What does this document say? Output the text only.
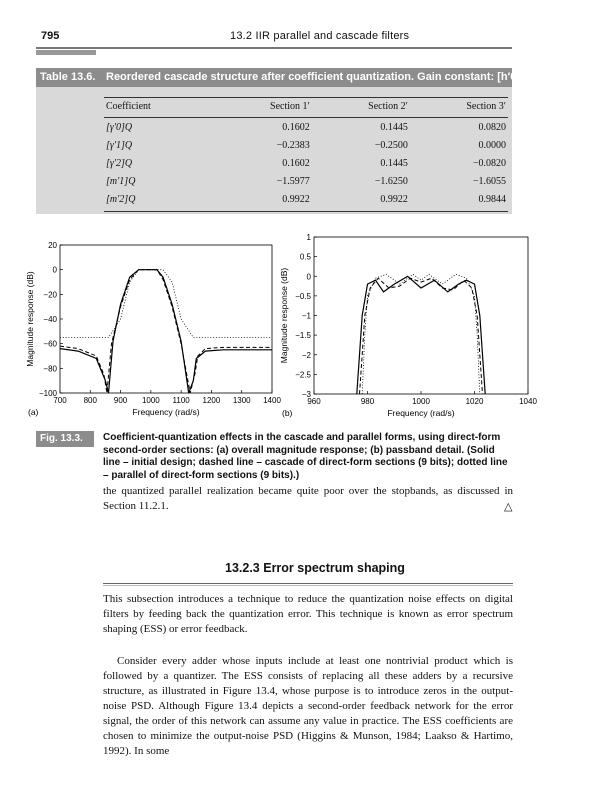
795	13.2 IIR parallel and cascade filters
Table 13.6. Reordered cascade structure after coefficient quantization. Gain constant: [h′0]Q = 0.0742.
Coefficient	Section 1′	Section 2′	Section 3′
[γ′0]Q	0.1602	0.1445	0.0820
[γ′1]Q	−0.2383	−0.2500	0.0000
[γ′2]Q	0.1602	0.1445	−0.0820
[m′1]Q	−1.5977	−1.6250	−1.6055
[m′2]Q	0.9922	0.9922	0.9844
700 800 900 1000 1100 1200 1300 1400
20
0
−20
−40
−60
−80
−100
Frequency (rad/s)
Magnitude response (dB)
(a)
960	980	1000	1020	1040
1
0.5
0
−0.5
−1
−1.5
−2
−2.5
−3
Frequency (rad/s)
Magnitude response (dB)
(b)
Fig. 13.3. Coefficient-quantization effects in the cascade and parallel forms, using direct-form second-order sections: (a) overall magnitude response; (b) passband detail. (Solid line – initial design; dashed line – cascade of direct-form sections (9 bits); dotted line – parallel of direct-form sections (9 bits).)
the quantized parallel realization became quite poor over the stopbands, as discussed in Section 11.2.1.	△
13.2.3 Error spectrum shaping
This subsection introduces a technique to reduce the quantization noise effects on digital filters by feeding back the quantization error. This technique is known as error spectrum shaping (ESS) or error feedback.
Consider every adder whose inputs include at least one nontrivial product which is followed by a quantizer. The ESS consists of replacing all these adders by a recursive structure, as illustrated in Figure 13.4, whose purpose is to introduce zeros in the output-noise PSD. Although Figure 13.4 depicts a second-order feedback network for the error signal, the order of this network can assume any value in practice. The ESS coefficients are chosen to minimize the output-noise PSD (Higgins & Munson, 1984; Laakso & Hartimo, 1992). In some
